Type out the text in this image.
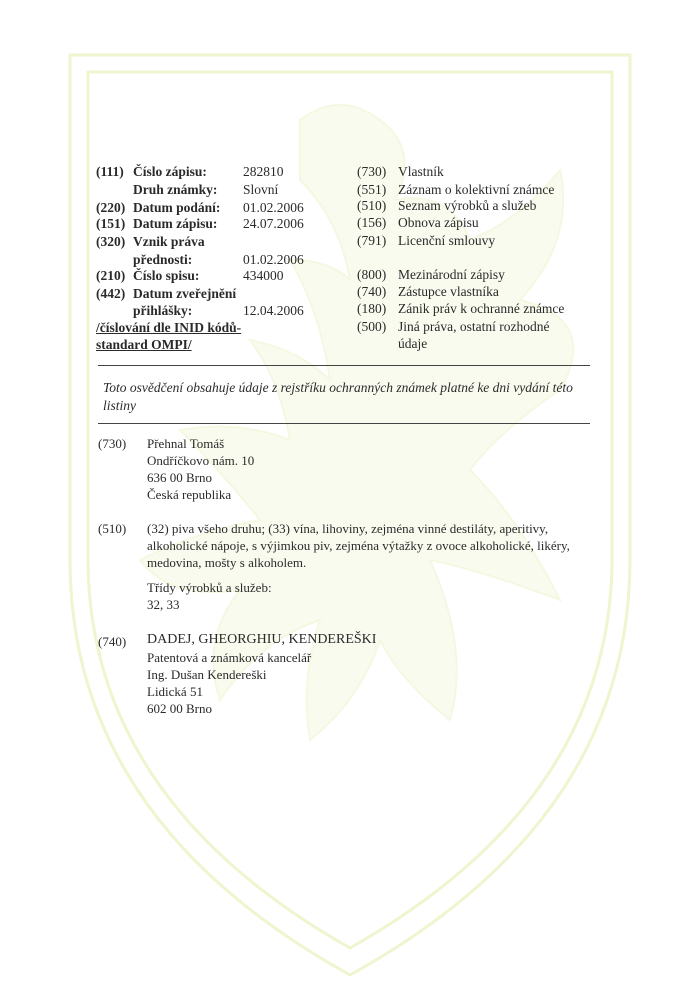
(111) Číslo zápisu:	282810
Druh známky: Slovní
(220) Datum podání: 01.02.2006
(151) Datum zápisu: 24.07.2006
(320) Vznik práva
přednosti:	01.02.2006
(210) Číslo spisu:	434000
(442) Datum zveřejnění
přihlášky:	12.04.2006
/číslování dle INID kódů-
standard OMPI/
(730) Vlastník
(551) Záznam o kolektivní známce
(510) Seznam výrobků a služeb
(156) Obnova zápisu
(791) Licenční smlouvy
(800) Mezinárodní zápisy
(740) Zástupce vlastníka
(180) Zánik práv k ochranné známce
(500) Jiná práva, ostatní rozhodné
údaje
Toto osvědčení obsahuje údaje z rejstříku ochranných známek platné ke dni vydání této
listiny
(730) Přehnal Tomáš
Ondříčkovo nám. 10
636 00 Brno
Česká republika
(510) (32) piva všeho druhu; (33) vína, lihoviny, zejména vinné destiláty, aperitivy,
alkoholické nápoje, s výjimkou piv, zejména výtažky z ovoce alkoholické, likéry,
medovina, mošty s alkoholem.
Třídy výrobků a služeb:
32, 33
(740) DADEJ, GHEORGHIU, KENDEREŠKI
Patentová a známková kancelář
Ing. Dušan Kendereški
Lidická 51
602 00 Brno
